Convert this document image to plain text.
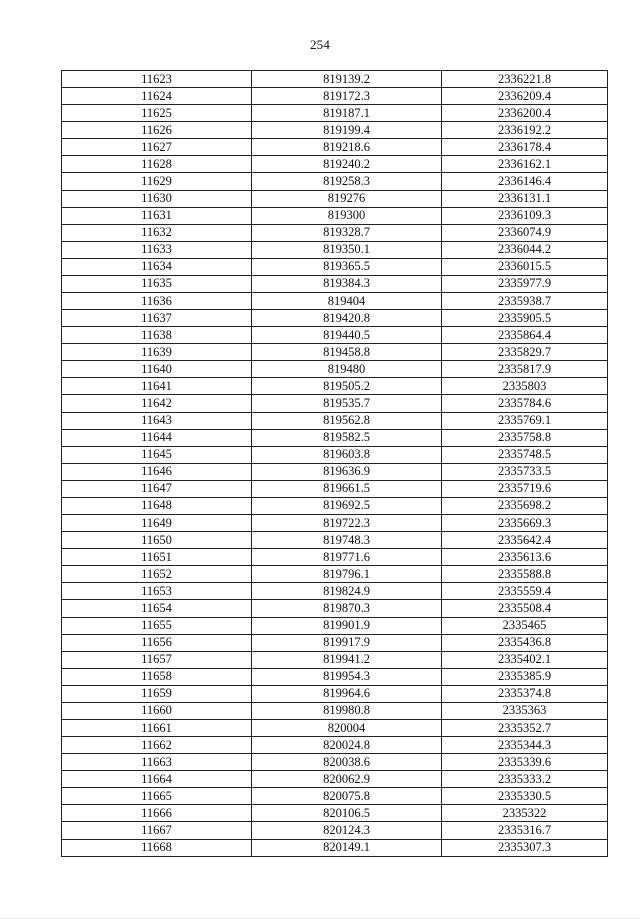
254
11623	819139.2	2336221.8
11624	819172.3	2336209.4
11625	819187.1	2336200.4
11626	819199.4	2336192.2
11627	819218.6	2336178.4
11628	819240.2	2336162.1
11629	819258.3	2336146.4
11630	819276	2336131.1
11631	819300	2336109.3
11632	819328.7	2336074.9
11633	819350.1	2336044.2
11634	819365.5	2336015.5
11635	819384.3	2335977.9
11636	819404	2335938.7
11637	819420.8	2335905.5
11638	819440.5	2335864.4
11639	819458.8	2335829.7
11640	819480	2335817.9
11641	819505.2	2335803
11642	819535.7	2335784.6
11643	819562.8	2335769.1
11644	819582.5	2335758.8
11645	819603.8	2335748.5
11646	819636.9	2335733.5
11647	819661.5	2335719.6
11648	819692.5	2335698.2
11649	819722.3	2335669.3
11650	819748.3	2335642.4
11651	819771.6	2335613.6
11652	819796.1	2335588.8
11653	819824.9	2335559.4
11654	819870.3	2335508.4
11655	819901.9	2335465
11656	819917.9	2335436.8
11657	819941.2	2335402.1
11658	819954.3	2335385.9
11659	819964.6	2335374.8
11660	819980.8	2335363
11661	820004	2335352.7
11662	820024.8	2335344.3
11663	820038.6	2335339.6
11664	820062.9	2335333.2
11665	820075.8	2335330.5
11666	820106.5	2335322
11667	820124.3	2335316.7
11668	820149.1	2335307.3
